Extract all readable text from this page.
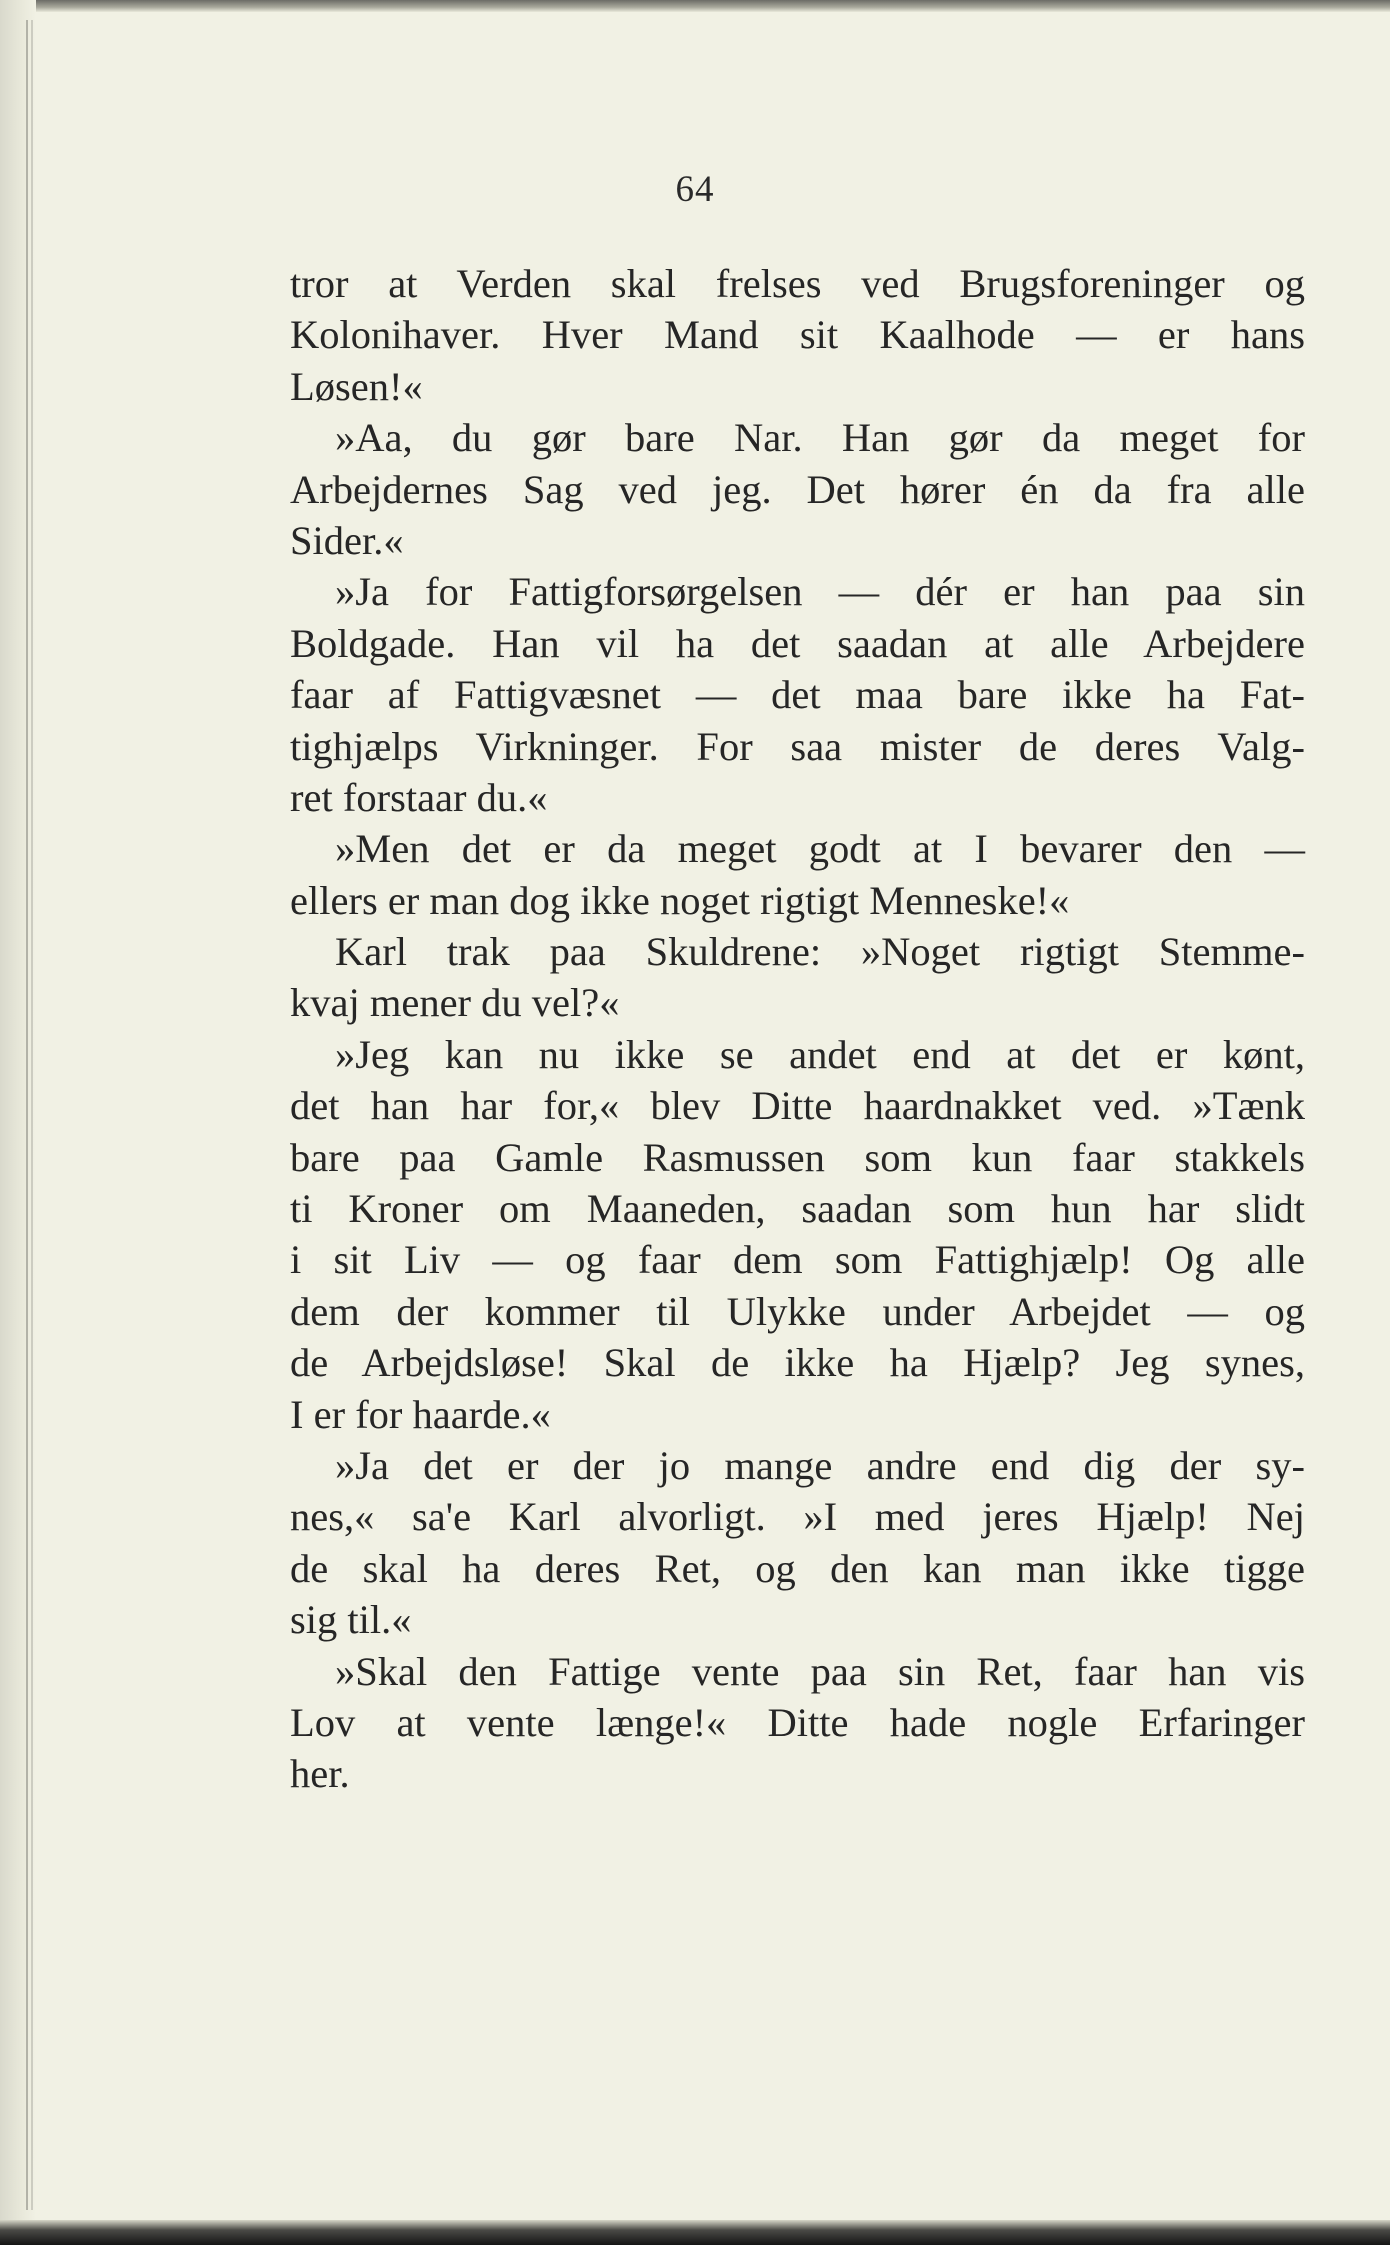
64
tror at Verden skal frelses ved Brugsforeninger og
Kolonihaver. Hver Mand sit Kaalhode — er hans
Løsen!«
»Aa, du gør bare Nar. Han gør da meget for
Arbejdernes Sag ved jeg. Det hører én da fra alle
Sider.«
»Ja for Fattigforsørgelsen — dér er han paa sin
Boldgade. Han vil ha det saadan at alle Arbejdere
faar af Fattigvæsnet — det maa bare ikke ha Fat-
tighjælps Virkninger. For saa mister de deres Valg-
ret forstaar du.«
»Men det er da meget godt at I bevarer den —
ellers er man dog ikke noget rigtigt Menneske!«
Karl trak paa Skuldrene: »Noget rigtigt Stemme-
kvaj mener du vel?«
»Jeg kan nu ikke se andet end at det er kønt,
det han har for,« blev Ditte haardnakket ved. »Tænk
bare paa Gamle Rasmussen som kun faar stakkels
ti Kroner om Maaneden, saadan som hun har slidt
i sit Liv — og faar dem som Fattighjælp! Og alle
dem der kommer til Ulykke under Arbejdet — og
de Arbejdsløse! Skal de ikke ha Hjælp? Jeg synes,
I er for haarde.«
»Ja det er der jo mange andre end dig der sy-
nes,« sa'e Karl alvorligt. »I med jeres Hjælp! Nej
de skal ha deres Ret, og den kan man ikke tigge
sig til.«
»Skal den Fattige vente paa sin Ret, faar han vis
Lov at vente længe!« Ditte hade nogle Erfaringer
her.
